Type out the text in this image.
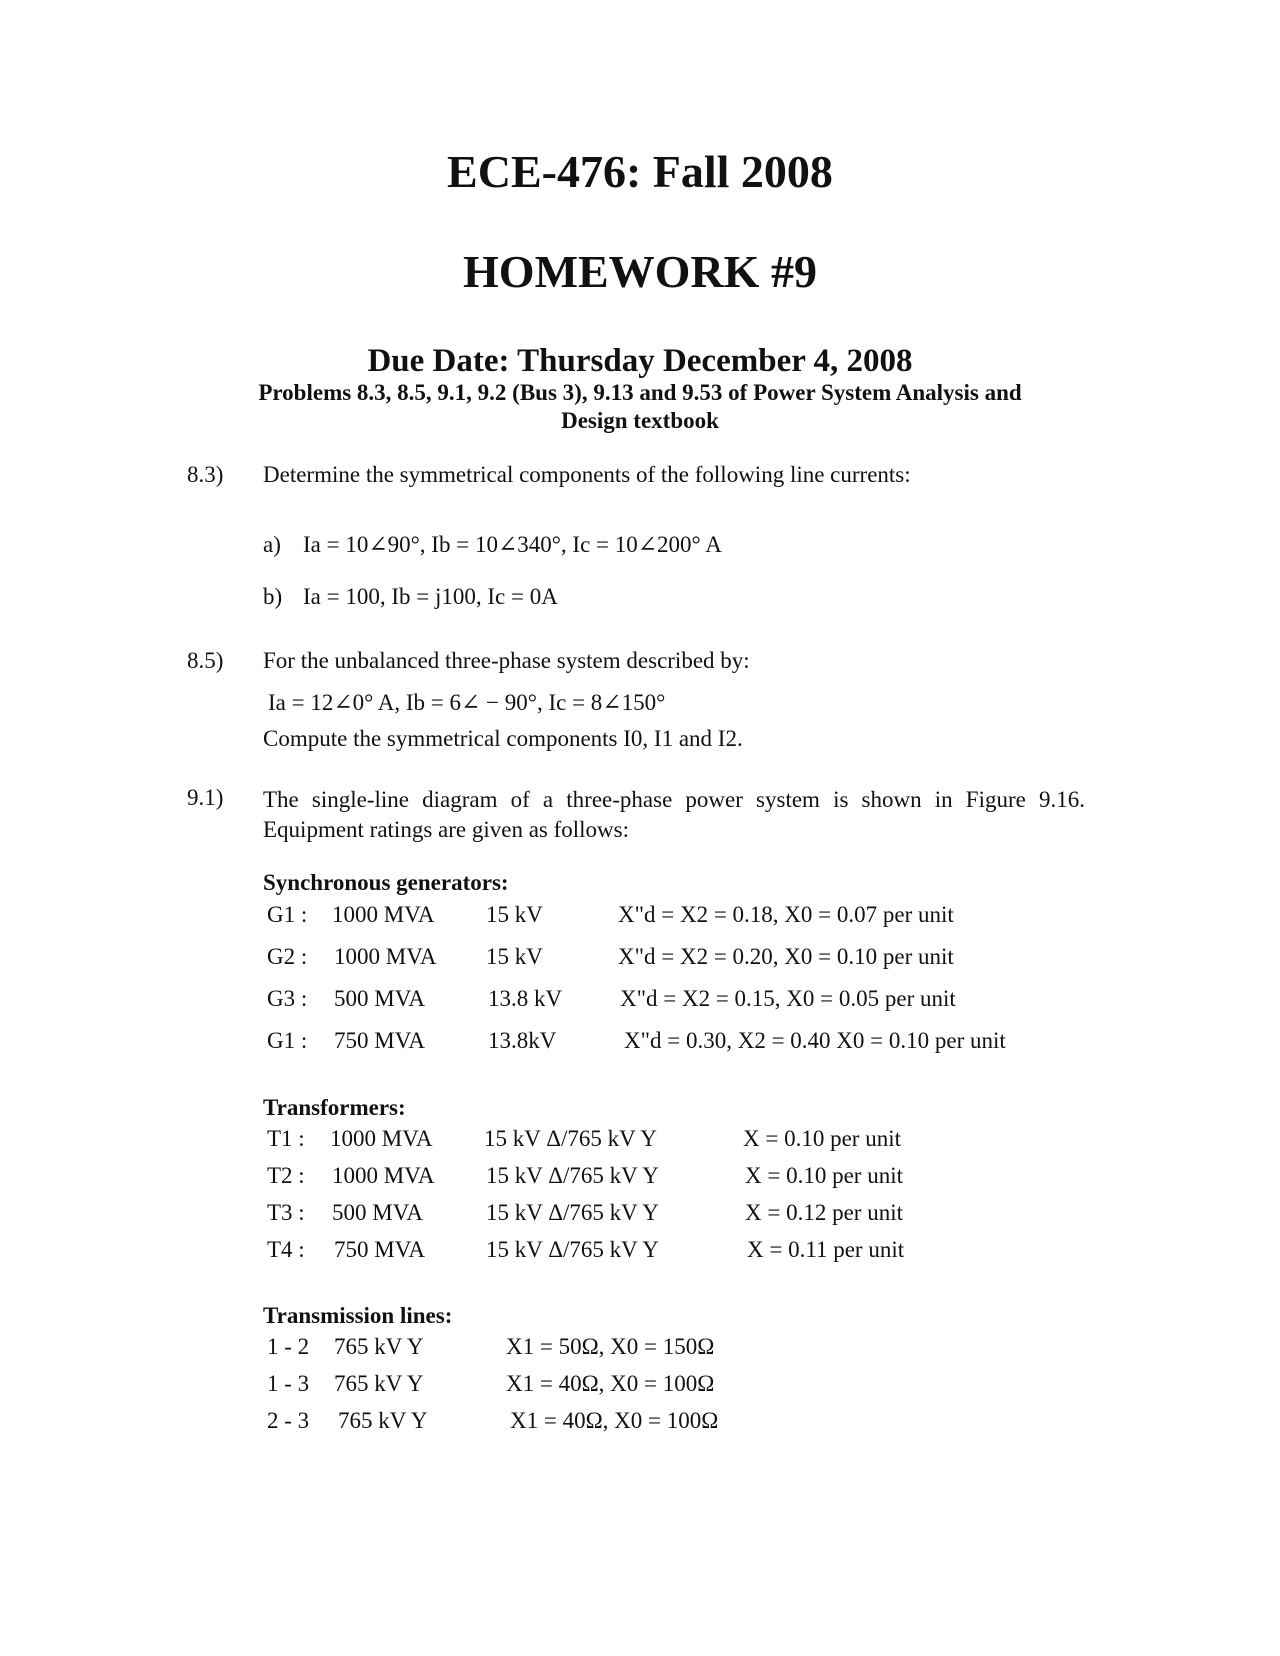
ECE-476: Fall 2008
HOMEWORK #9
Due Date: Thursday December 4, 2008
Problems 8.3, 8.5, 9.1, 9.2 (Bus 3), 9.13 and 9.53 of Power System Analysis and
Design textbook
8.3) Determine the symmetrical components of the following line currents:
a) Ia = 10∠90°, Ib = 10∠340°, Ic = 10∠200° A
b) Ia = 100, Ib = j100, Ic = 0A
8.5) For the unbalanced three-phase system described by:
Ia = 12∠0° A, Ib = 6∠ − 90°, Ic = 8∠150°
Compute the symmetrical components I0, I1 and I2.
9.1) The single-line diagram of a three-phase power system is shown in Figure 9.16. Equipment ratings are given as follows:
Synchronous generators:
G1 : 1000 MVA 15 kV	X"d = X2 = 0.18, X0 = 0.07 per unit
G2 : 1000 MVA 15 kV	X"d = X2 = 0.20, X0 = 0.10 per unit
G3 : 500 MVA	13.8 kV	X"d = X2 = 0.15, X0 = 0.05 per unit
G1 : 750 MVA	13.8kV	X"d = 0.30, X2 = 0.40 X0 = 0.10 per unit
Transformers:
T1 : 1000 MVA 15 kV Δ/765 kV Y	X = 0.10 per unit
T2 : 1000 MVA 15 kV Δ/765 kV Y	X = 0.10 per unit
T3 : 500 MVA	15 kV Δ/765 kV Y	X = 0.12 per unit
T4 : 750 MVA	15 kV Δ/765 kV Y	X = 0.11 per unit
Transmission lines:
1 - 2 765 kV Y	X1 = 50Ω, X0 = 150Ω
1 - 3 765 kV Y	X1 = 40Ω, X0 = 100Ω
2 - 3 765 kV Y	X1 = 40Ω, X0 = 100Ω
